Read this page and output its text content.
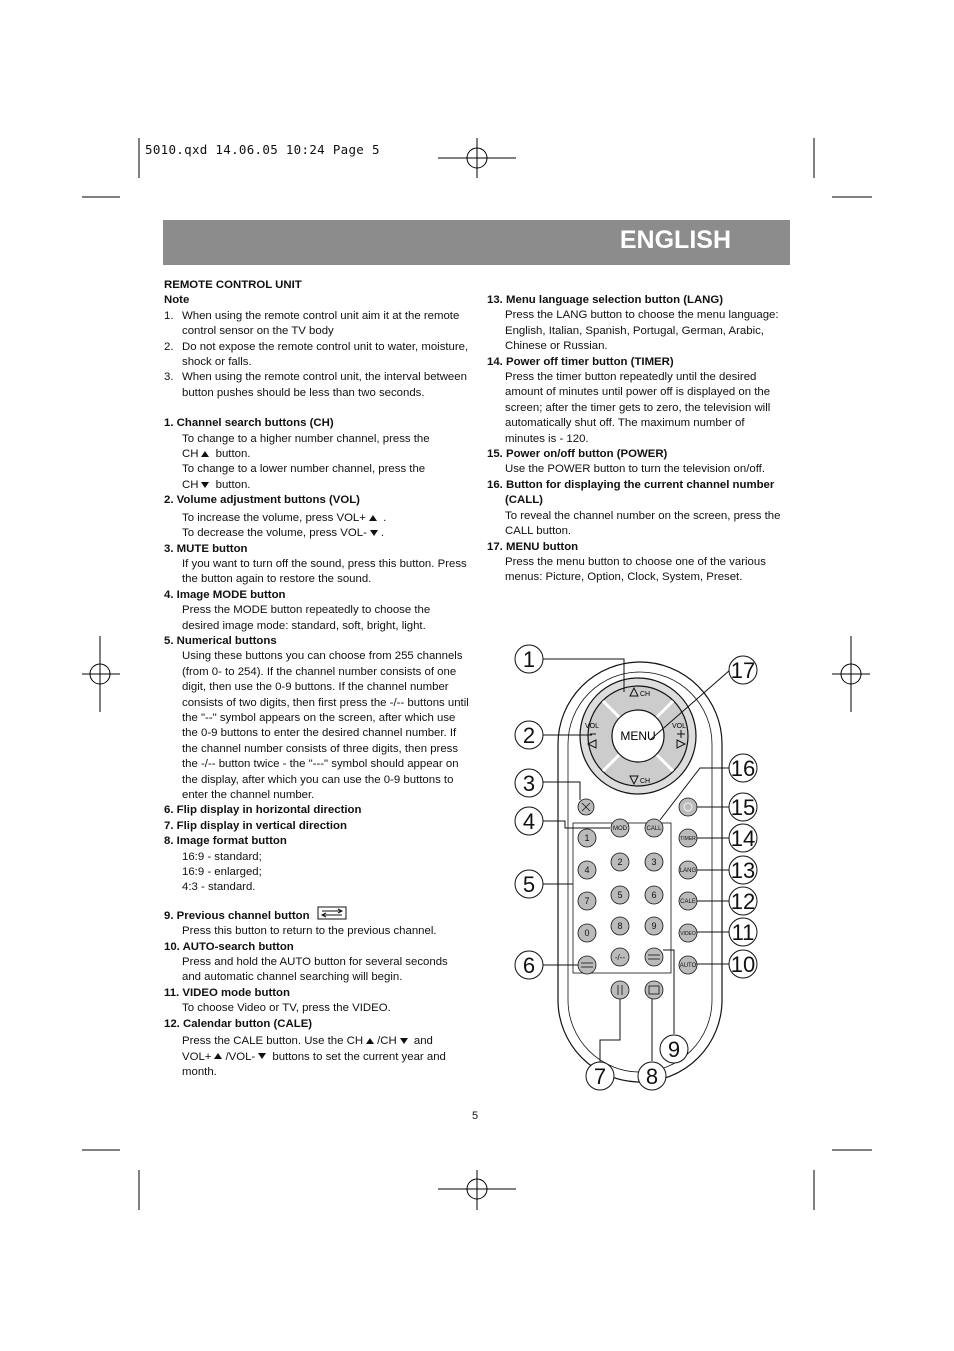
5010.qxd 14.06.05 10:24 Page 5
ENGLISH

REMOTE CONTROL UNIT

Note

1. When using the remote control unit aim it at the remote control sensor on the TV body
2. Do not expose the remote control unit to water, moisture, shock or falls.
3. When using the remote control unit, the interval between button pushes should be less than two seconds.

1. Channel search buttons (CH)

To change to a higher number channel, press the

CH button.

To change to a lower number channel, press the

CH button.

2. Volume adjustment buttons (VOL)

To increase the volume, press VOL+ .

To decrease the volume, press VOL- .

3. MUTE button

If you want to turn off the sound, press this button. Press the button again to restore the sound.

4. Image MODE button

Press the MODE button repeatedly to choose the desired image mode: standard, soft, bright, light.

5. Numerical buttons

Using these buttons you can choose from 255 channels (from 0- to 254). If the channel number consists of one digit, then use the 0-9 buttons. If the channel number consists of two digits, then first press the -/-- buttons until the "--" symbol appears on the screen, after which use the 0-9 buttons to enter the desired channel number. If the channel number consists of three digits, then press the -/-- button twice - the "---" symbol should appear on the display, after which you can use the 0-9 buttons to enter the channel number.

6. Flip display in horizontal direction

7. Flip display in vertical direction

8. Image format button

16:9 - standard;

16:9 - enlarged;

4:3 - standard.

9. Previous channel button

Press this button to return to the previous channel.

10. AUTO-search button

Press and hold the AUTO button for several seconds and automatic channel searching will begin.

11. VIDEO mode button

To choose Video or TV, press the VIDEO.

12. Calendar button (CALE)

Press the CALE button. Use the CH /CH and

VOL+ /VOL- buttons to set the current year and month.

13. Menu language selection button (LANG)

Press the LANG button to choose the menu language: English, Italian, Spanish, Portugal, German, Arabic, Chinese or Russian.

14. Power off timer button (TIMER)

Press the timer button repeatedly until the desired amount of minutes until power off is displayed on the screen; after the timer gets to zero, the television will automatically shut off. The maximum number of minutes is - 120.

15. Power on/off button (POWER)

Use the POWER button to turn the television on/off.

16. Button for displaying the current channel number (CALL)

To reveal the channel number on the screen, press the CALL button.

17. MENU button

Press the menu button to choose one of the various menus: Picture, Option, Clock, System, Preset.

MENU
CH
CH
VOL	VOL
MOD	CALL
TIMER
LANG
CALE
VIDEO
AUTO
-/--
1
2	3
4
5	6
7
8	9
0
1
2
3
4
5
6
7 8
9
10
11
12
13
14
15
16
17
5
